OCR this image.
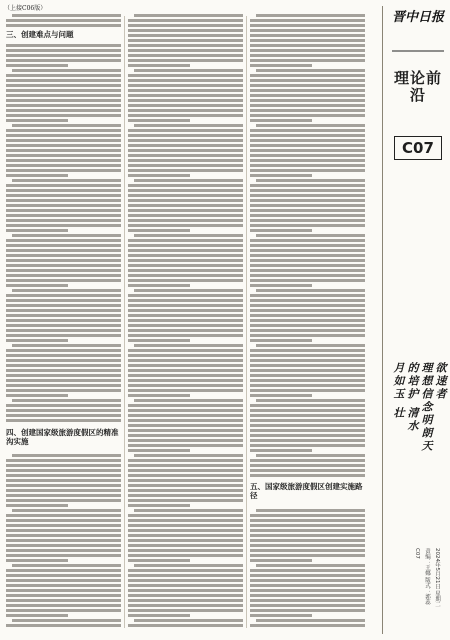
（上接C06版）
三、创建难点与问题
四、创建国家级旅游度假区的精准沟实施
五、国家级旅游度假区创建实施路径
晋中日报
理论前沿
C07
欲速者
理想信念明朗天
的培护 清水
月如玉 壮
2024年5月21日 星期二
责编：王娜 版式：郭蕊
C07
